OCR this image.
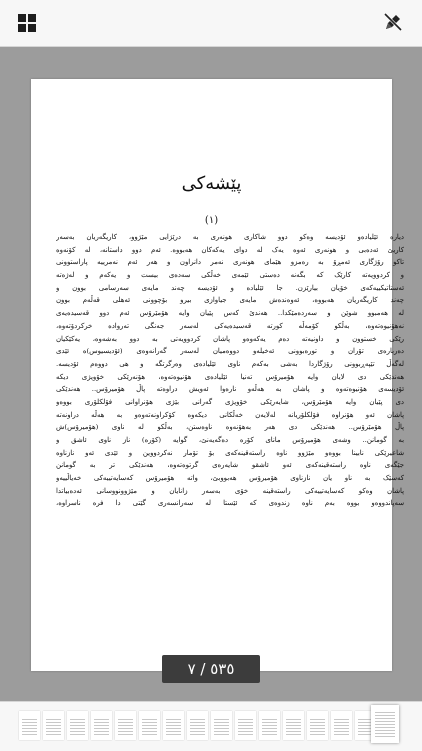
پێشەکی
(١)
دیارە ئێلیادەو ئۆدیسە وەکو دوو شاکاری هونەری بە درێژایی مێژوو، کاریگەریان بەسەر
کاریێ ئەدەبی و هونەری ئەوە یەک لە دوای یەکەکان هەبووە. ئەم دوو داستانە، لە کۆنەوە
تاکو رۆژگاری ئەمڕۆ بە رەمزو هێمای هونەری نەمر دانراون و هەر ئەم نەمرییە پاراستوونی
و کردوویەتە کارێک کە بگەنە دەستی ئێمەی خەڵکی سەدەی بیست و یەکەم و لەژەتە
ئەستاتیکییەکەی خۆیان بیارێزن. جا ئێلیادە و ئۆدیسە چەند مایەی سەرسامی بوون و
چەند کاریگەریان هەبووە، ئەوەندەش مایەی جیاوازی بیرو بۆچوونی ئەهلی قەڵەم بوون
لە هەمبوو شوێن و سەردەمێکدا.. هەندێ کەس پێیان وایە هۆمێرۆس ئەم دوو قەسیدەیەی
نەهۆنیوەتەوە، بەڵکو کۆمەڵە کورتە قەسیدەیەکی لەسەر جەنگی تەرواده خرکردۆتەوە،
رێکی خستوون و داونیەتە دەم یەکەوەو پاشان کردوویەتی بە دوو بەشەوە، یەکێکیان
دەربارەی تۆران و تورەبوونی ئەخیلەو دووەمیان لەسەر گەرانەوەی (ئۆدیسیوس)ە ئێدی
لەگەڵ تێپەڕبوونی رۆژگاردا بەشی بەکەم ناوی ئێلیادەی وەرگرتگە و هی دووەم ئۆدیسە.
هەندێکی دی لایان وایە هۆمیرۆس تەنیا ئێلیادەی هۆنیوەتەوە، هۆنەرێکی خۆویژی دیکە
ئۆدیسەی هۆنیوەتەوە و پاشان بە هەڵەو نارەوا ئەویش دراوەتە پاڵ هۆمیرۆس.. هەندێکی
دی پێیان وایە هۆمێرۆس، شایەرێکی خۆویژی گەرانی بێژی هۆنراوانی فۆلکلۆری بووەو
پاشان ئەو هۆنراوە فۆلکلۆریانە لەلایەن خەڵکانی دیکەوە کۆکراونەتەوەو بە هەڵە دراونەتە
پاڵ هۆمێرۆس.. هەندێکی دی هەر بەهۆنەوە ناوەستن، بەڵکو لە ناوی (هۆمیرۆس)ش
بە گومانن.. وشەی هۆمیرۆس مانای کۆرە دەگەیەنێ، گوایە (کۆرە) ناز ناوی ئاشق و
شاعیرێکی نابینا بووەو مێژوو ناوە راستەقینەکەی بۆ تۆمار نەکردووین و ئێدی ئەو نازناوە
جێگەی ناوە راستەقینەکەی ئەو ئاشقو شایەرەی گرتوەتەوە، هەندێکی تر بە گومانن
کەسێک بە ناو یان نازناوی هۆمیرۆس هەبووبێ، واتە هۆمیرۆس کەسایەتییەکی خەیاڵییەو
پاشان وەکو کەسایەتییەکی راستەقینە خۆی بەسەر زانایان و مێژوونووسانی ئەدەبیاتدا
سەپاندووەو بووە بەم ناوە زندوەی کە ئێستا لە سەرانسەری گێتی دا فرە ناسراوە،
٥٣٥ / ٧
